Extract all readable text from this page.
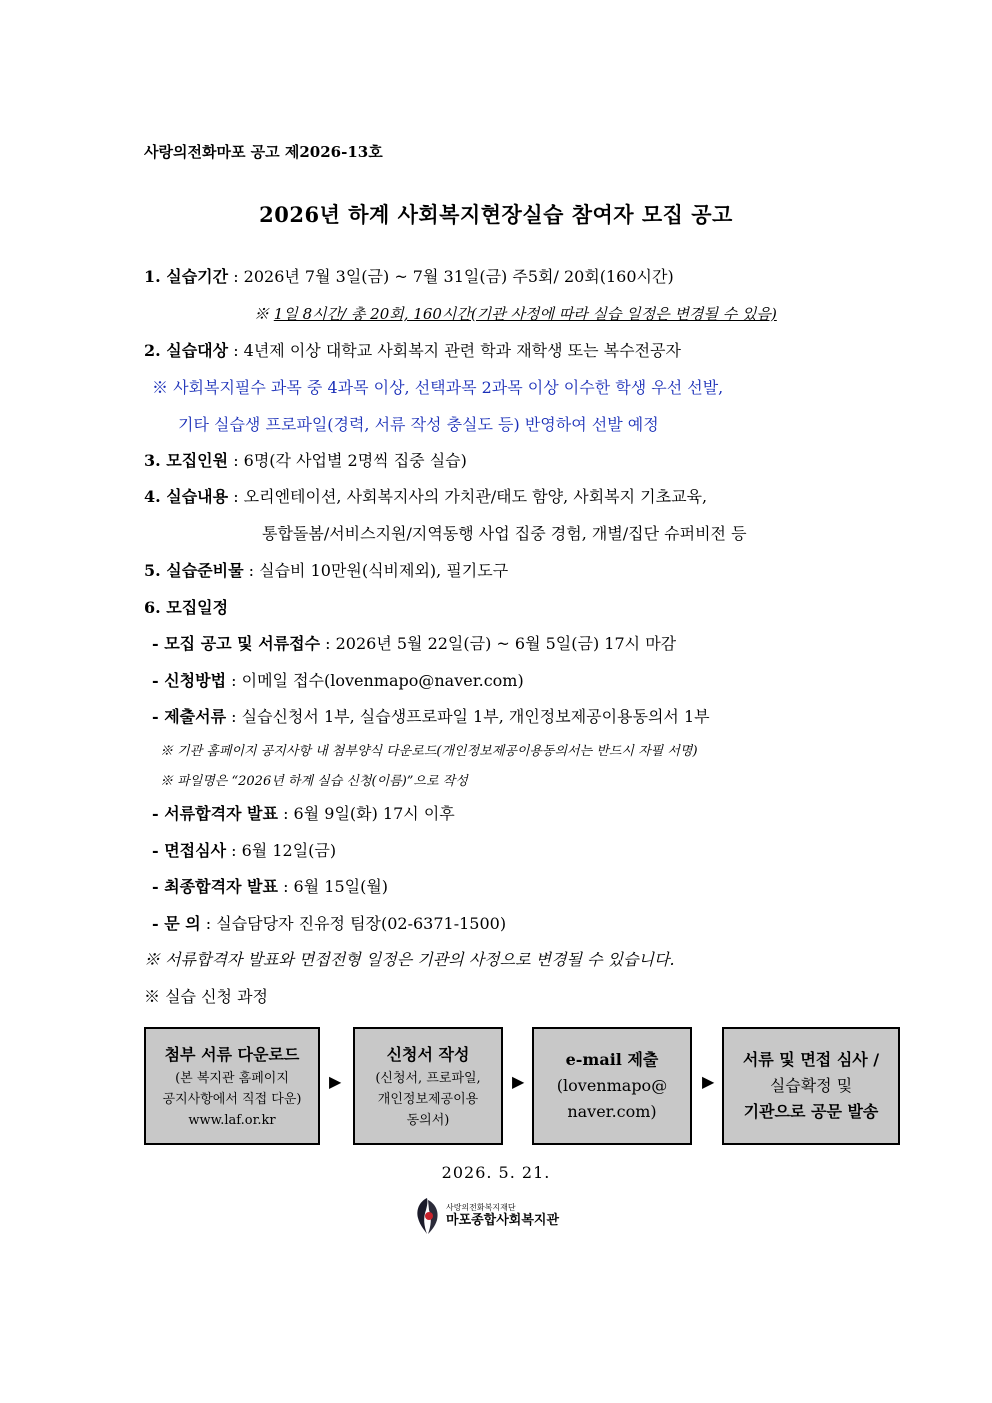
사랑의전화마포 공고 제2026-13호
2026년 하계 사회복지현장실습 참여자 모집 공고
1. 실습기간 : 2026년 7월 3일(금) ~ 7월 31일(금) 주5회/ 20회(160시간)
※ 1일 8시간/ 총 20회, 160시간(기관 사정에 따라 실습 일정은 변경될 수 있음)
2. 실습대상 : 4년제 이상 대학교 사회복지 관련 학과 재학생 또는 복수전공자
※ 사회복지필수 과목 중 4과목 이상, 선택과목 2과목 이상 이수한 학생 우선 선발,
기타 실습생 프로파일(경력, 서류 작성 충실도 등) 반영하여 선발 예정
3. 모집인원 : 6명(각 사업별 2명씩 집중 실습)
4. 실습내용 : 오리엔테이션, 사회복지사의 가치관/태도 함양, 사회복지 기초교육,
통합돌봄/서비스지원/지역동행 사업 집중 경험, 개별/집단 슈퍼비전 등
5. 실습준비물 : 실습비 10만원(식비제외), 필기도구
6. 모집일정
- 모집 공고 및 서류접수 : 2026년 5월 22일(금) ~ 6월 5일(금) 17시 마감
- 신청방법 : 이메일 접수(lovenmapo@naver.com)
- 제출서류 : 실습신청서 1부, 실습생프로파일 1부, 개인정보제공이용동의서 1부
※ 기관 홈페이지 공지사항 내 첨부양식 다운로드(개인정보제공이용동의서는 반드시 자필 서명)
※ 파일명은 “2026년 하계 실습 신청(이름)”으로 작성
- 서류합격자 발표 : 6월 9일(화) 17시 이후
- 면접심사 : 6월 12일(금)
- 최종합격자 발표 : 6월 15일(월)
- 문 의 : 실습담당자 진유정 팀장(02-6371-1500)
※ 서류합격자 발표와 면접전형 일정은 기관의 사정으로 변경될 수 있습니다.
※ 실습 신청 과정
첨부 서류 다운로드
(본 복지관 홈페이지
공지사항에서 직접 다운)
www.laf.or.kr
▶
신청서 작성
(신청서, 프로파일,
개인정보제공이용
동의서)
▶
e-mail 제출
(lovenmapo@
naver.com)
▶
서류 및 면접 심사 /
실습확정 및
기관으로 공문 발송
2026. 5. 21.
사랑의전화복지재단
마포종합사회복지관
